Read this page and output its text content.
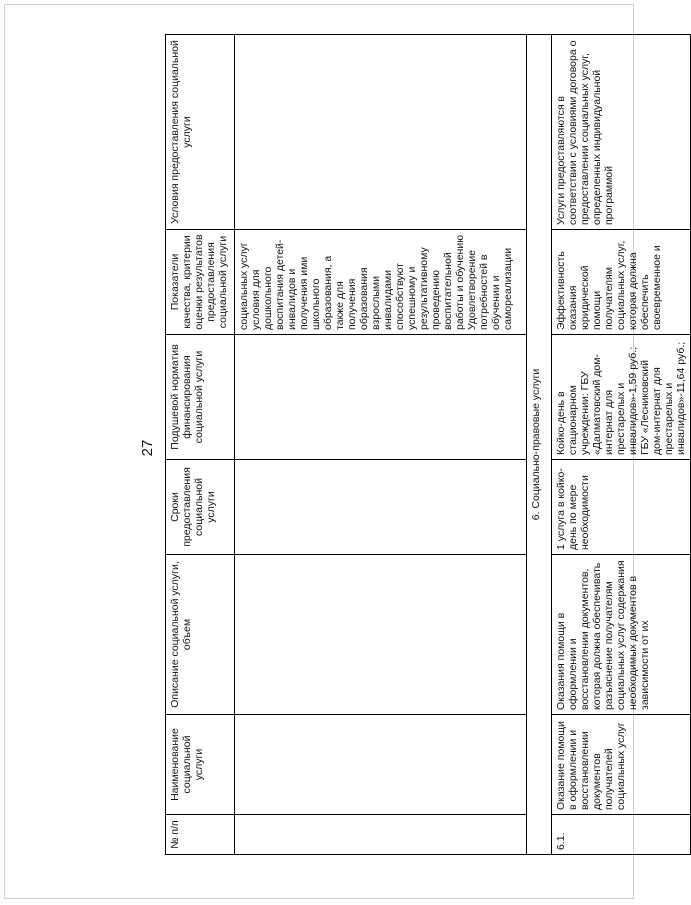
27
№ п/п	Наименование социальной услуги	Описание социальной услуги, объем	Сроки предоставления социальной услуги	Подушевой норматив финансирования социальной услуги	Показатели качества, критерии оценки результатов предоставления социальной услуги	Условия предоставления социальной услуги
					социальных услуг условия для дошкольного воспитания детей-инвалидов и получения ими школьного образования, а также для получения образования взрослыми инвалидами способствуют успешному и результативному проведению воспитательной работы и обучению Удовлетворение потребностей в обучении и самореализации	
6. Социально-правовые услуги						
6.1.	Оказание помощи в оформлении и восстановлении документов получателей социальных услуг	Оказания помощи в оформлении и восстановлении документов, которая должна обеспечивать разъяснение получателям социальных услуг содержания необходимых документов в зависимости от их	1 услуга в койко-день по мере необходимости	Койко-день в стационарном учреждении: ГБУ «Далматовский дом-интернат для престарелых и инвалидов»-1,59 руб.; ГБУ «Лесниковский дом-интернат для престарелых и инвалидов»-11,64 руб.;	Эффективность оказания юридической помощи получателям социальных услуг, которая должна обеспечить своевременное и	Услуги предоставляются в соответствии с условиями договора о предоставлении социальных услуг, определенных индивидуальной программой
